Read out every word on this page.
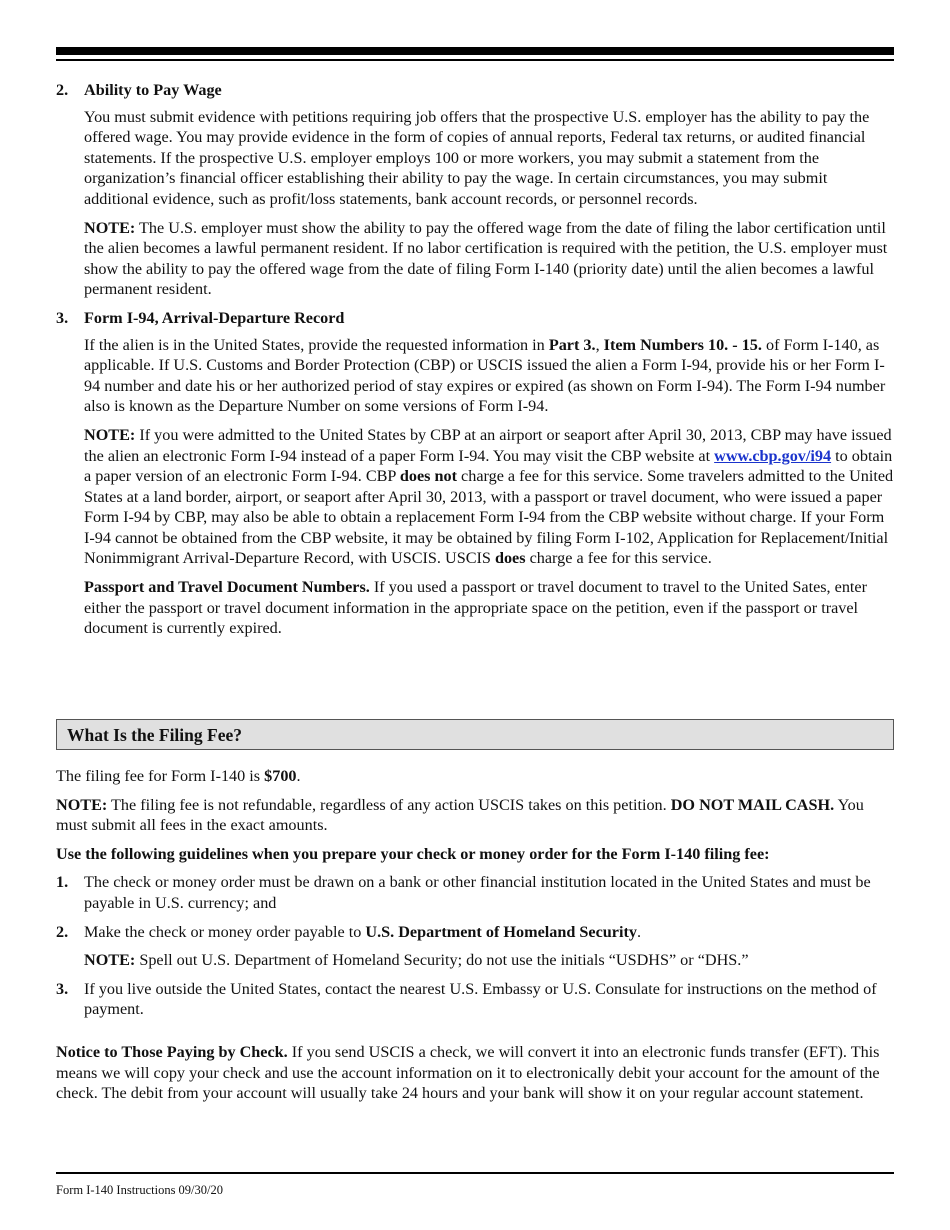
2. Ability to Pay Wage

You must submit evidence with petitions requiring job offers that the prospective U.S. employer has the ability to pay the offered wage. You may provide evidence in the form of copies of annual reports, Federal tax returns, or audited financial statements. If the prospective U.S. employer employs 100 or more workers, you may submit a statement from the organization’s financial officer establishing their ability to pay the wage. In certain circumstances, you may submit additional evidence, such as profit/loss statements, bank account records, or personnel records.

NOTE: The U.S. employer must show the ability to pay the offered wage from the date of filing the labor certification until the alien becomes a lawful permanent resident. If no labor certification is required with the petition, the U.S. employer must show the ability to pay the offered wage from the date of filing Form I-140 (priority date) until the alien becomes a lawful permanent resident.

3. Form I-94, Arrival-Departure Record

If the alien is in the United States, provide the requested information in Part 3., Item Numbers 10. - 15. of Form I-140, as applicable. If U.S. Customs and Border Protection (CBP) or USCIS issued the alien a Form I-94, provide his or her Form I-94 number and date his or her authorized period of stay expires or expired (as shown on Form I-94). The Form I-94 number also is known as the Departure Number on some versions of Form I-94.

NOTE: If you were admitted to the United States by CBP at an airport or seaport after April 30, 2013, CBP may have issued the alien an electronic Form I-94 instead of a paper Form I-94. You may visit the CBP website at www.cbp.gov/i94 to obtain a paper version of an electronic Form I-94. CBP does not charge a fee for this service. Some travelers admitted to the United States at a land border, airport, or seaport after April 30, 2013, with a passport or travel document, who were issued a paper Form I-94 by CBP, may also be able to obtain a replacement Form I-94 from the CBP website without charge. If your Form I-94 cannot be obtained from the CBP website, it may be obtained by filing Form I-102, Application for Replacement/Initial Nonimmigrant Arrival-Departure Record, with USCIS. USCIS does charge a fee for this service.

Passport and Travel Document Numbers. If you used a passport or travel document to travel to the United Sates, enter either the passport or travel document information in the appropriate space on the petition, even if the passport or travel document is currently expired.

What Is the Filing Fee?

The filing fee for Form I-140 is $700.

NOTE: The filing fee is not refundable, regardless of any action USCIS takes on this petition. DO NOT MAIL CASH. You must submit all fees in the exact amounts.

Use the following guidelines when you prepare your check or money order for the Form I-140 filing fee:

1. The check or money order must be drawn on a bank or other financial institution located in the United States and must be payable in U.S. currency; and

2. Make the check or money order payable to U.S. Department of Homeland Security.

NOTE: Spell out U.S. Department of Homeland Security; do not use the initials “USDHS” or “DHS.”

3. If you live outside the United States, contact the nearest U.S. Embassy or U.S. Consulate for instructions on the method of payment.

Notice to Those Paying by Check. If you send USCIS a check, we will convert it into an electronic funds transfer (EFT). This means we will copy your check and use the account information on it to electronically debit your account for the amount of the check. The debit from your account will usually take 24 hours and your bank will show it on your regular account statement.

Form I-140 Instructions 09/30/20
